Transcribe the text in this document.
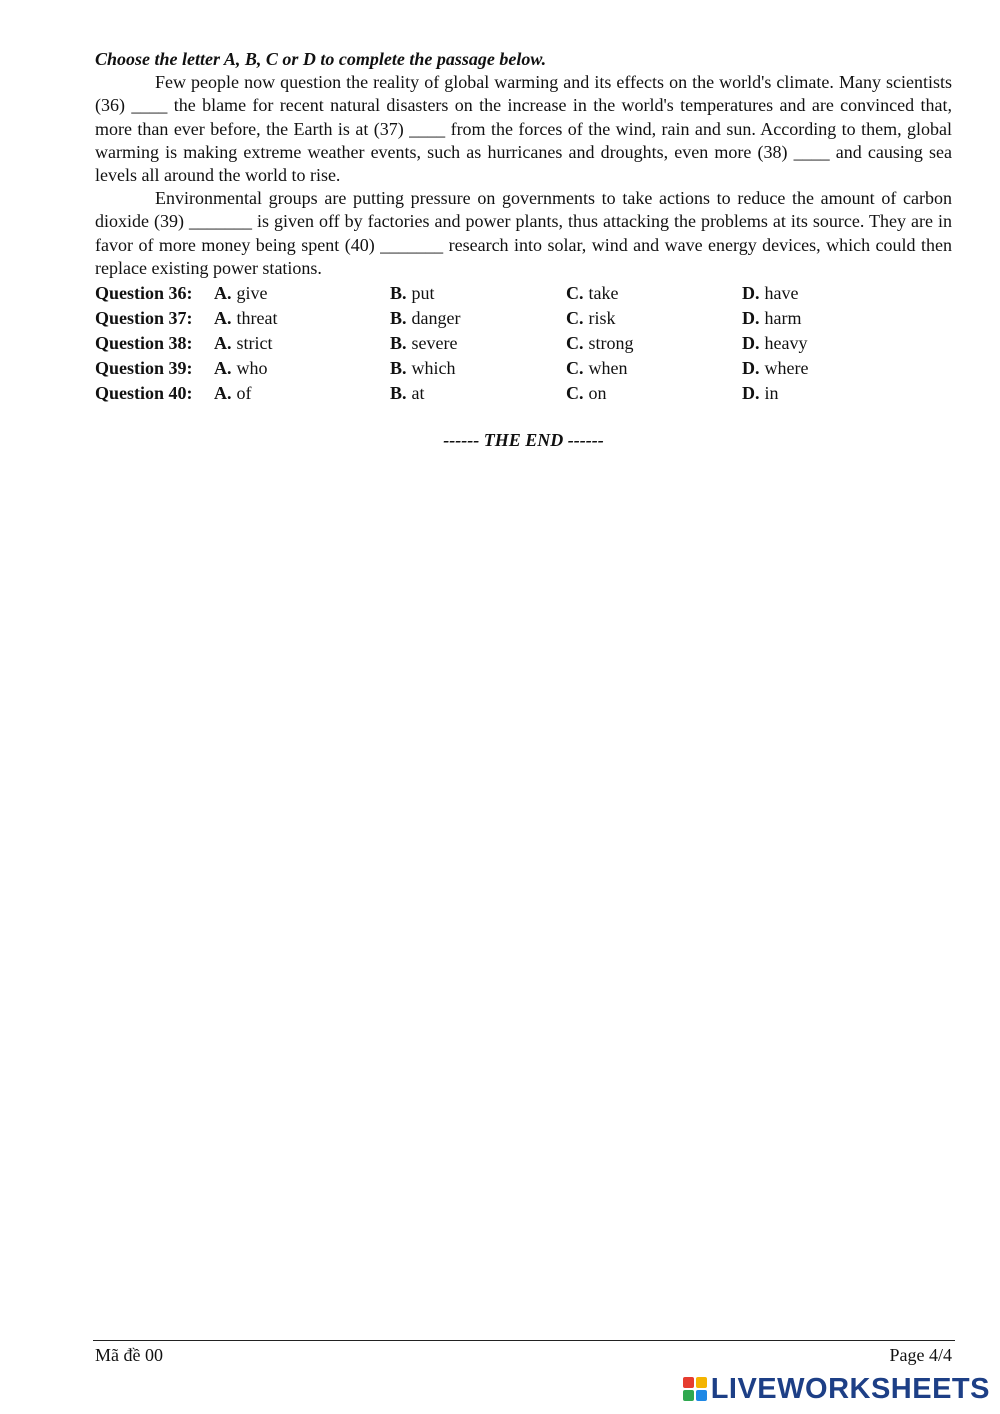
Choose the letter A, B, C or D to complete the passage below.

Few people now question the reality of global warming and its effects on the world's climate. Many scientists (36) ____ the blame for recent natural disasters on the increase in the world's temperatures and are convinced that, more than ever before, the Earth is at (37) ____ from the forces of the wind, rain and sun. According to them, global warming is making extreme weather events, such as hurricanes and droughts, even more (38) ____ and causing sea levels all around the world to rise.

Environmental groups are putting pressure on governments to take actions to reduce the amount of carbon dioxide (39) _______ is given off by factories and power plants, thus attacking the problems at its source. They are in favor of more money being spent (40) _______ research into solar, wind and wave energy devices, which could then replace existing power stations.

Question 36:	A. give	B. put	C. take	D. have
Question 37:	A. threat	B. danger	C. risk	D. harm
Question 38:	A. strict	B. severe	C. strong	D. heavy
Question 39:	A. who	B. which	C. when	D. where
Question 40:	A. of	B. at	C. on	D. in
------ THE END ------
Mã đề 00	Page 4/4
LIVEWORKSHEETS
